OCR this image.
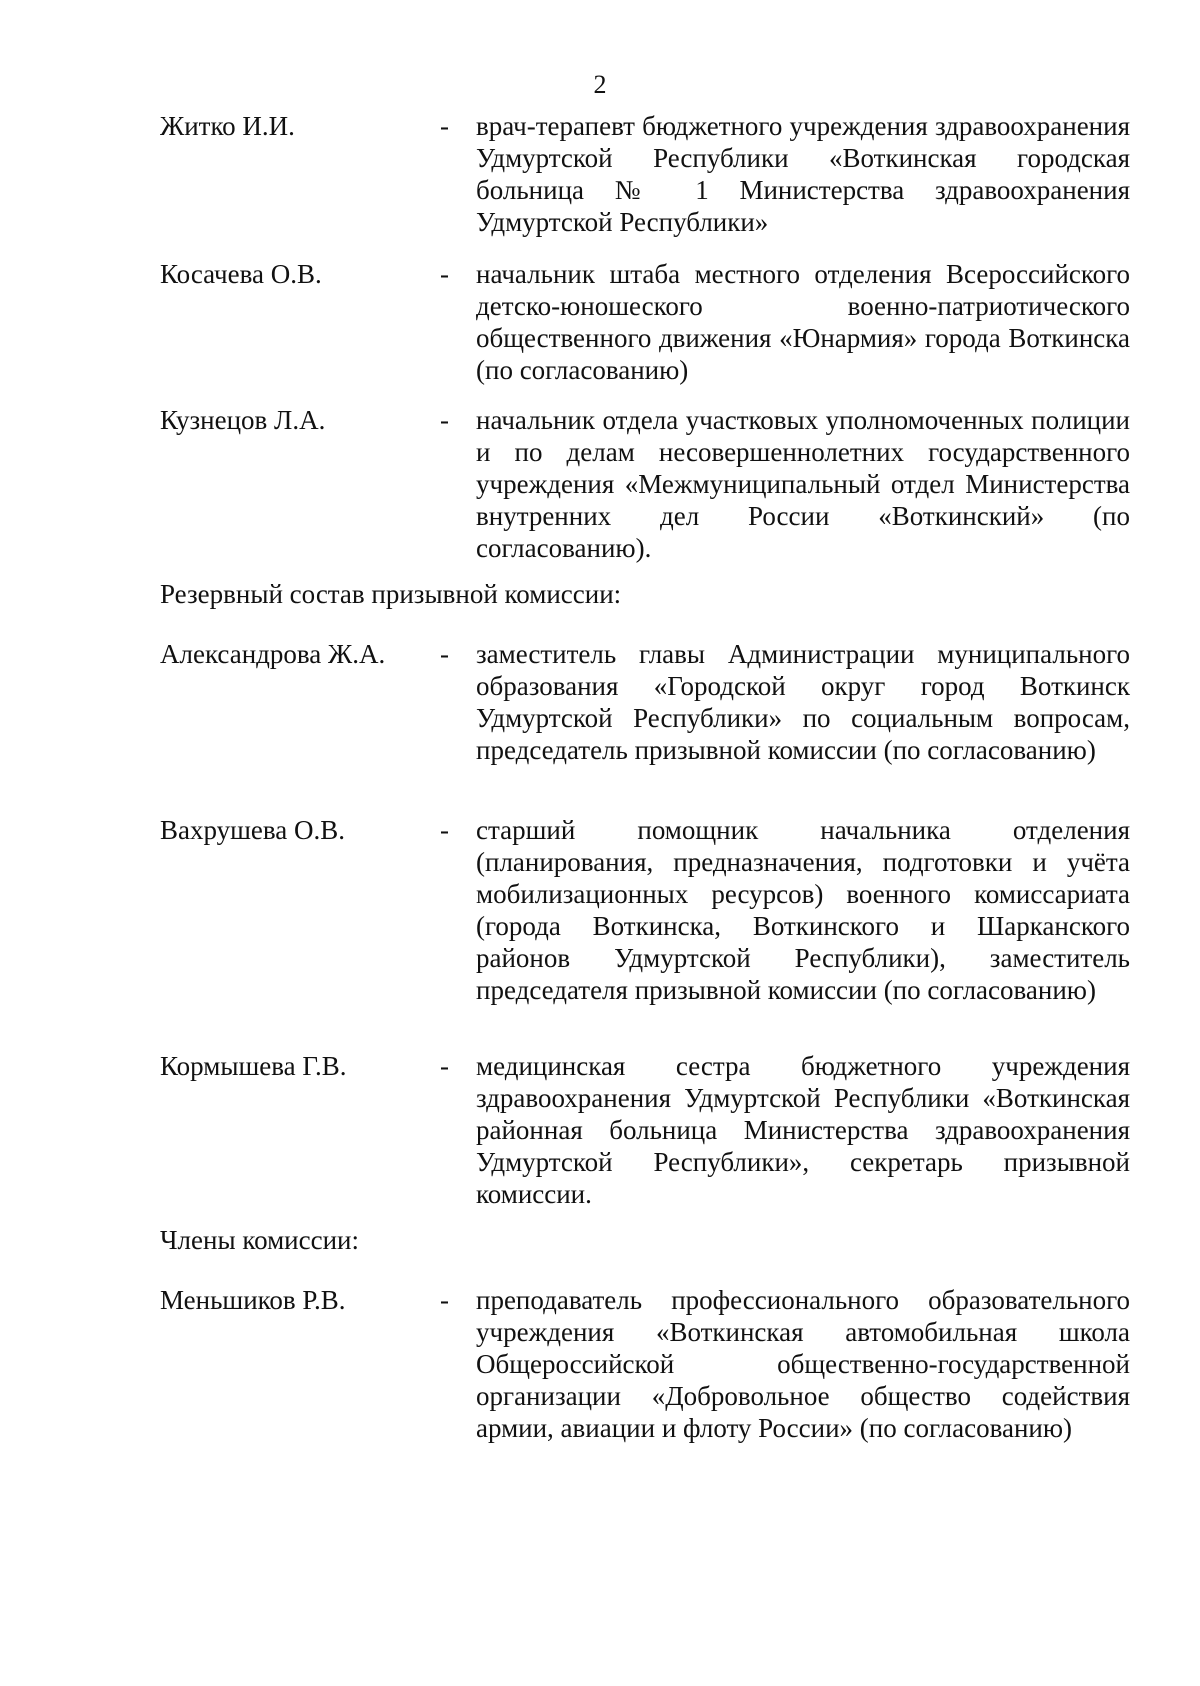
2
Житко И.И.	-	врач-терапевт бюджетного учреждения здравоохранения Удмуртской Республики «Воткинская городская больница № 1 Министерства здравоохранения Удмуртской Республики»
Косачева О.В.	-	начальник штаба местного отделения Всероссийского детско-юношеского военно-патриотического общественного движения «Юнармия» города Воткинска (по согласованию)
Кузнецов Л.А.	-	начальник отдела участковых уполномоченных полиции и по делам несовершеннолетних государственного учреждения «Межмуниципальный отдел Министерства внутренних дел России «Воткинский» (по согласованию).
Резервный состав призывной комиссии:
Александрова Ж.А.	-	заместитель главы Администрации муниципального образования «Городской округ город Воткинск Удмуртской Республики» по социальным вопросам, председатель призывной комиссии (по согласованию)
Вахрушева О.В.	-	старший помощник начальника отделения (планирования, предназначения, подготовки и учёта мобилизационных ресурсов) военного комиссариата (города Воткинска, Воткинского и Шарканского районов Удмуртской Республики), заместитель председателя призывной комиссии (по согласованию)
Кормышева Г.В.	-	медицинская сестра бюджетного учреждения здравоохранения Удмуртской Республики «Воткинская районная больница Министерства здравоохранения Удмуртской Республики», секретарь призывной комиссии.
Члены комиссии:
Меньшиков Р.В.	-	преподаватель профессионального образовательного учреждения «Воткинская автомобильная школа Общероссийской общественно-государственной организации «Добровольное общество содействия армии, авиации и флоту России» (по согласованию)
